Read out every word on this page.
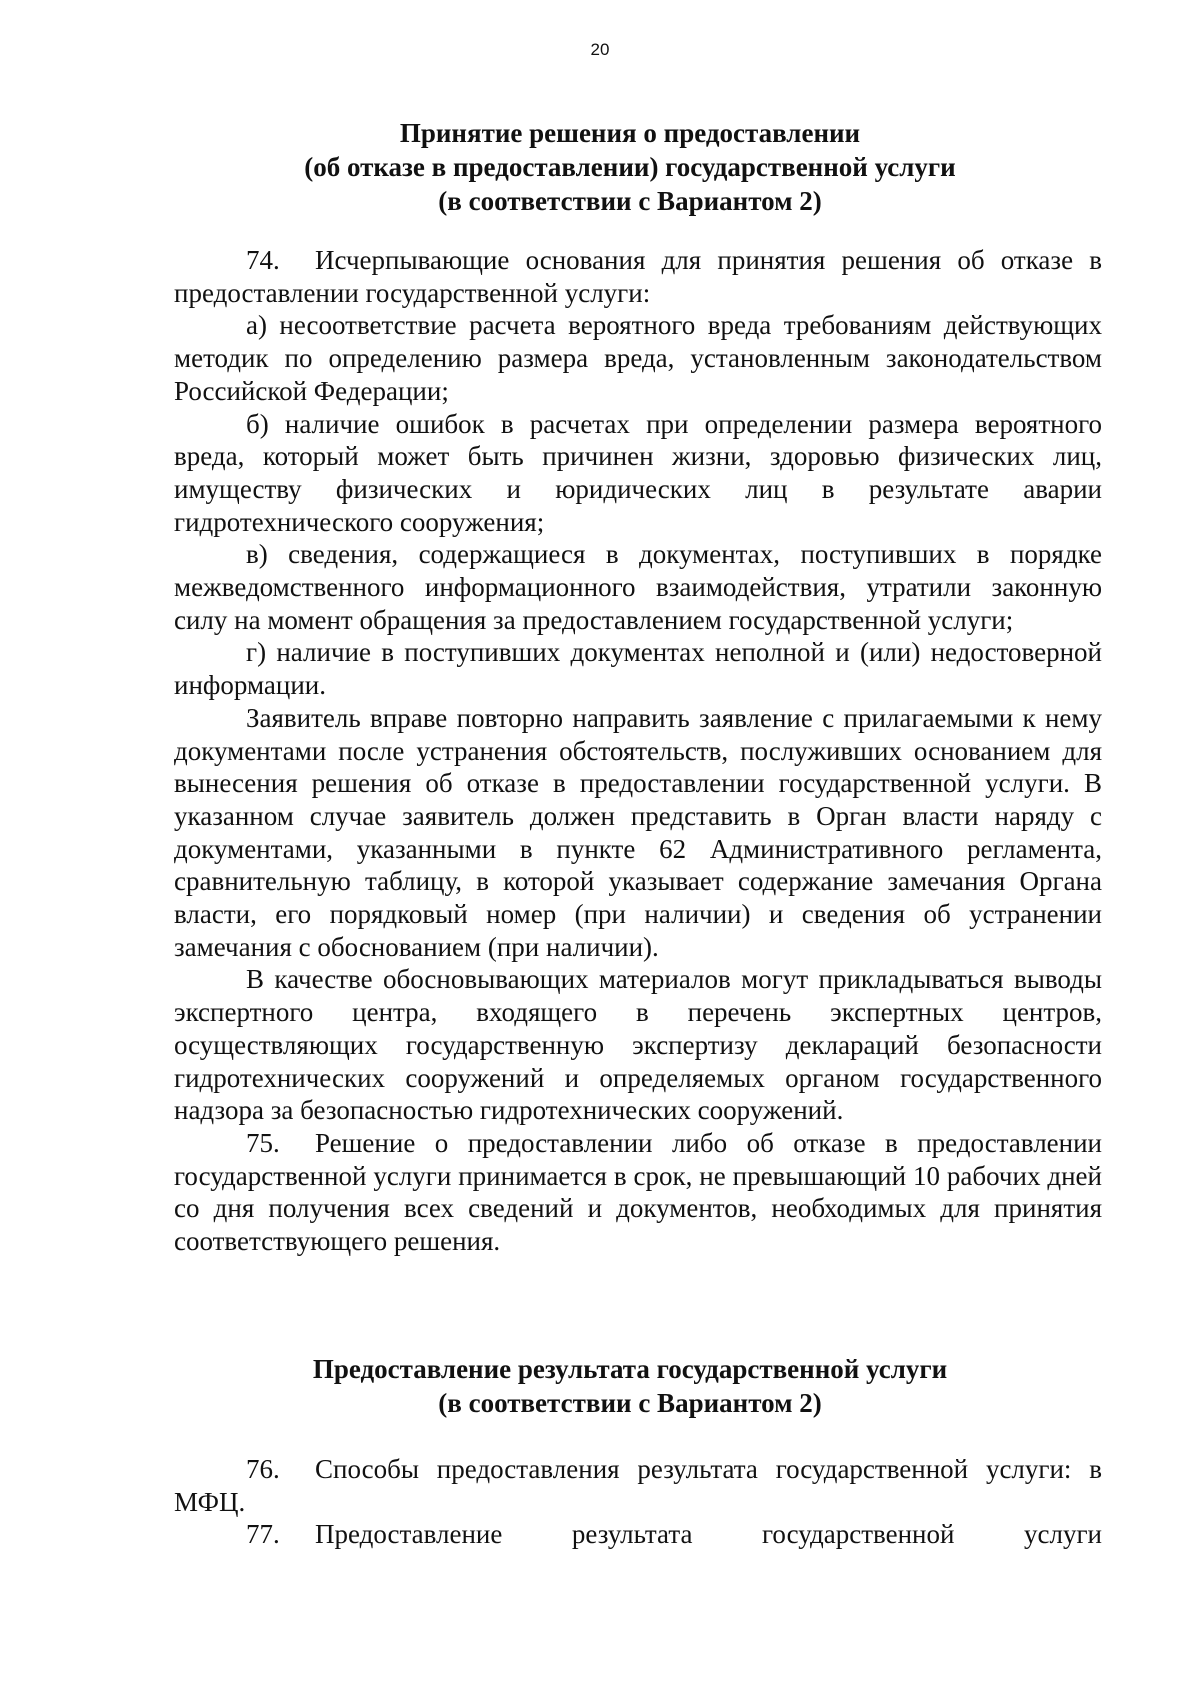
20
Принятие решения о предоставлении
(об отказе в предоставлении) государственной услуги
(в соответствии с Вариантом 2)

74. Исчерпывающие основания для принятия решения об отказе в предоставлении государственной услуги:

а) несоответствие расчета вероятного вреда требованиям действующих методик по определению размера вреда, установленным законодательством Российской Федерации;

б) наличие ошибок в расчетах при определении размера вероятного вреда, который может быть причинен жизни, здоровью физических лиц, имуществу физических и юридических лиц в результате аварии гидротехнического сооружения;

в) сведения, содержащиеся в документах, поступивших в порядке межведомственного информационного взаимодействия, утратили законную силу на момент обращения за предоставлением государственной услуги;

г) наличие в поступивших документах неполной и (или) недостоверной информации.

Заявитель вправе повторно направить заявление с прилагаемыми к нему документами после устранения обстоятельств, послуживших основанием для вынесения решения об отказе в предоставлении государственной услуги. В указанном случае заявитель должен представить в Орган власти наряду с документами, указанными в пункте 62 Административного регламента, сравнительную таблицу, в которой указывает содержание замечания Органа власти, его порядковый номер (при наличии) и сведения об устранении замечания с обоснованием (при наличии).

В качестве обосновывающих материалов могут прикладываться выводы экспертного центра, входящего в перечень экспертных центров, осуществляющих государственную экспертизу деклараций безопасности гидротехнических сооружений и определяемых органом государственного надзора за безопасностью гидротехнических сооружений.

75. Решение о предоставлении либо об отказе в предоставлении государственной услуги принимается в срок, не превышающий 10 рабочих дней со дня получения всех сведений и документов, необходимых для принятия соответствующего решения.

Предоставление результата государственной услуги
(в соответствии с Вариантом 2)

76. Способы предоставления результата государственной услуги: в МФЦ.

77. Предоставление результата государственной услуги
